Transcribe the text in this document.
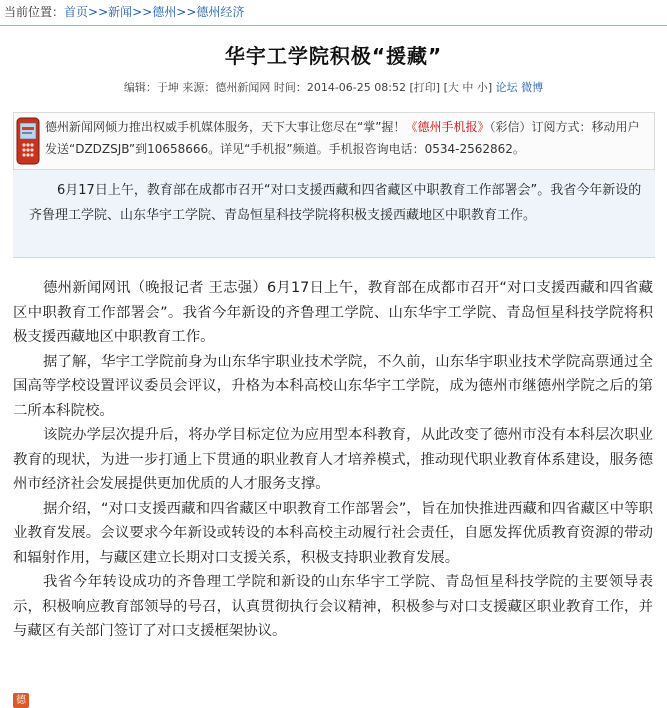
当前位置：首页>>新闻>>德州>>德州经济
华宇工学院积极“援藏”
编辑：于坤 来源：德州新闻网 时间：2014-06-25 08:52 [打印] [大 中 小] 论坛 微博
德州新闻网倾力推出权威手机媒体服务，天下大事让您尽在“掌”握！《德州手机报》（彩信）订阅方式：移动用户发送“DZDZSJB”到10658666。详见“手机报”频道。手机报咨询电话：0534-2562862。
6月17日上午，教育部在成都市召开“对口支援西藏和四省藏区中职教育工作部署会”。我省今年新设的齐鲁理工学院、山东华宇工学院、青岛恒星科技学院将积极支援西藏地区中职教育工作。

德州新闻网讯（晚报记者 王志强）6月17日上午，教育部在成都市召开“对口支援西藏和四省藏区中职教育工作部署会”。我省今年新设的齐鲁理工学院、山东华宇工学院、青岛恒星科技学院将积极支援西藏地区中职教育工作。

据了解，华宇工学院前身为山东华宇职业技术学院，不久前，山东华宇职业技术学院高票通过全国高等学校设置评议委员会评议，升格为本科高校山东华宇工学院，成为德州市继德州学院之后的第二所本科院校。

该院办学层次提升后，将办学目标定位为应用型本科教育，从此改变了德州市没有本科层次职业教育的现状，为进一步打通上下贯通的职业教育人才培养模式，推动现代职业教育体系建设，服务德州市经济社会发展提供更加优质的人才服务支撑。

据介绍，“对口支援西藏和四省藏区中职教育工作部署会”，旨在加快推进西藏和四省藏区中等职业教育发展。会议要求今年新设或转设的本科高校主动履行社会责任，自愿发挥优质教育资源的带动和辐射作用，与藏区建立长期对口支援关系，积极支持职业教育发展。

我省今年转设成功的齐鲁理工学院和新设的山东华宇工学院、青岛恒星科技学院的主要领导表示，积极响应教育部领导的号召，认真贯彻执行会议精神，积极参与对口支援藏区职业教育工作，并与藏区有关部门签订了对口支援框架协议。

德
